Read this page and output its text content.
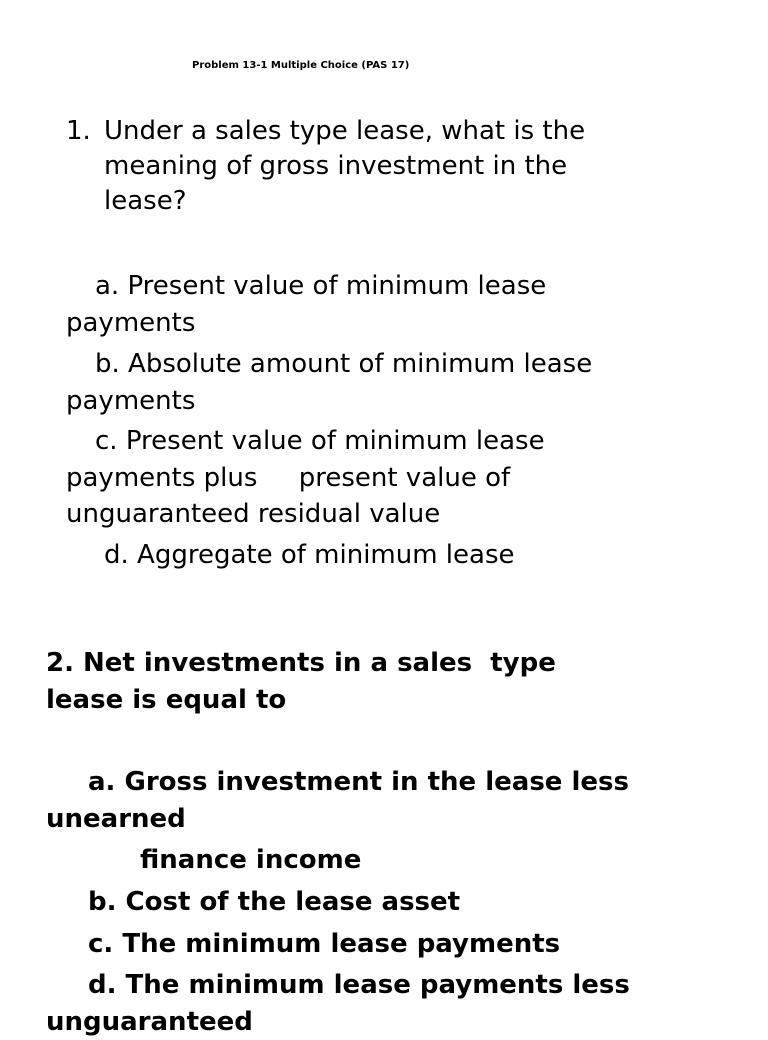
Problem 13-1 Multiple Choice (PAS 17)
1. Under a sales type lease, what is the
meaning of gross investment in the
lease?
a. Present value of minimum lease
payments
b. Absolute amount of minimum lease
payments
c. Present value of minimum lease
payments plus     present value of
unguaranteed residual value
d. Aggregate of minimum lease
2. Net investments in a sales  type
lease is equal to
a. Gross investment in the lease less
unearned
finance income
b. Cost of the lease asset
c. The minimum lease payments
d. The minimum lease payments less
unguaranteed
